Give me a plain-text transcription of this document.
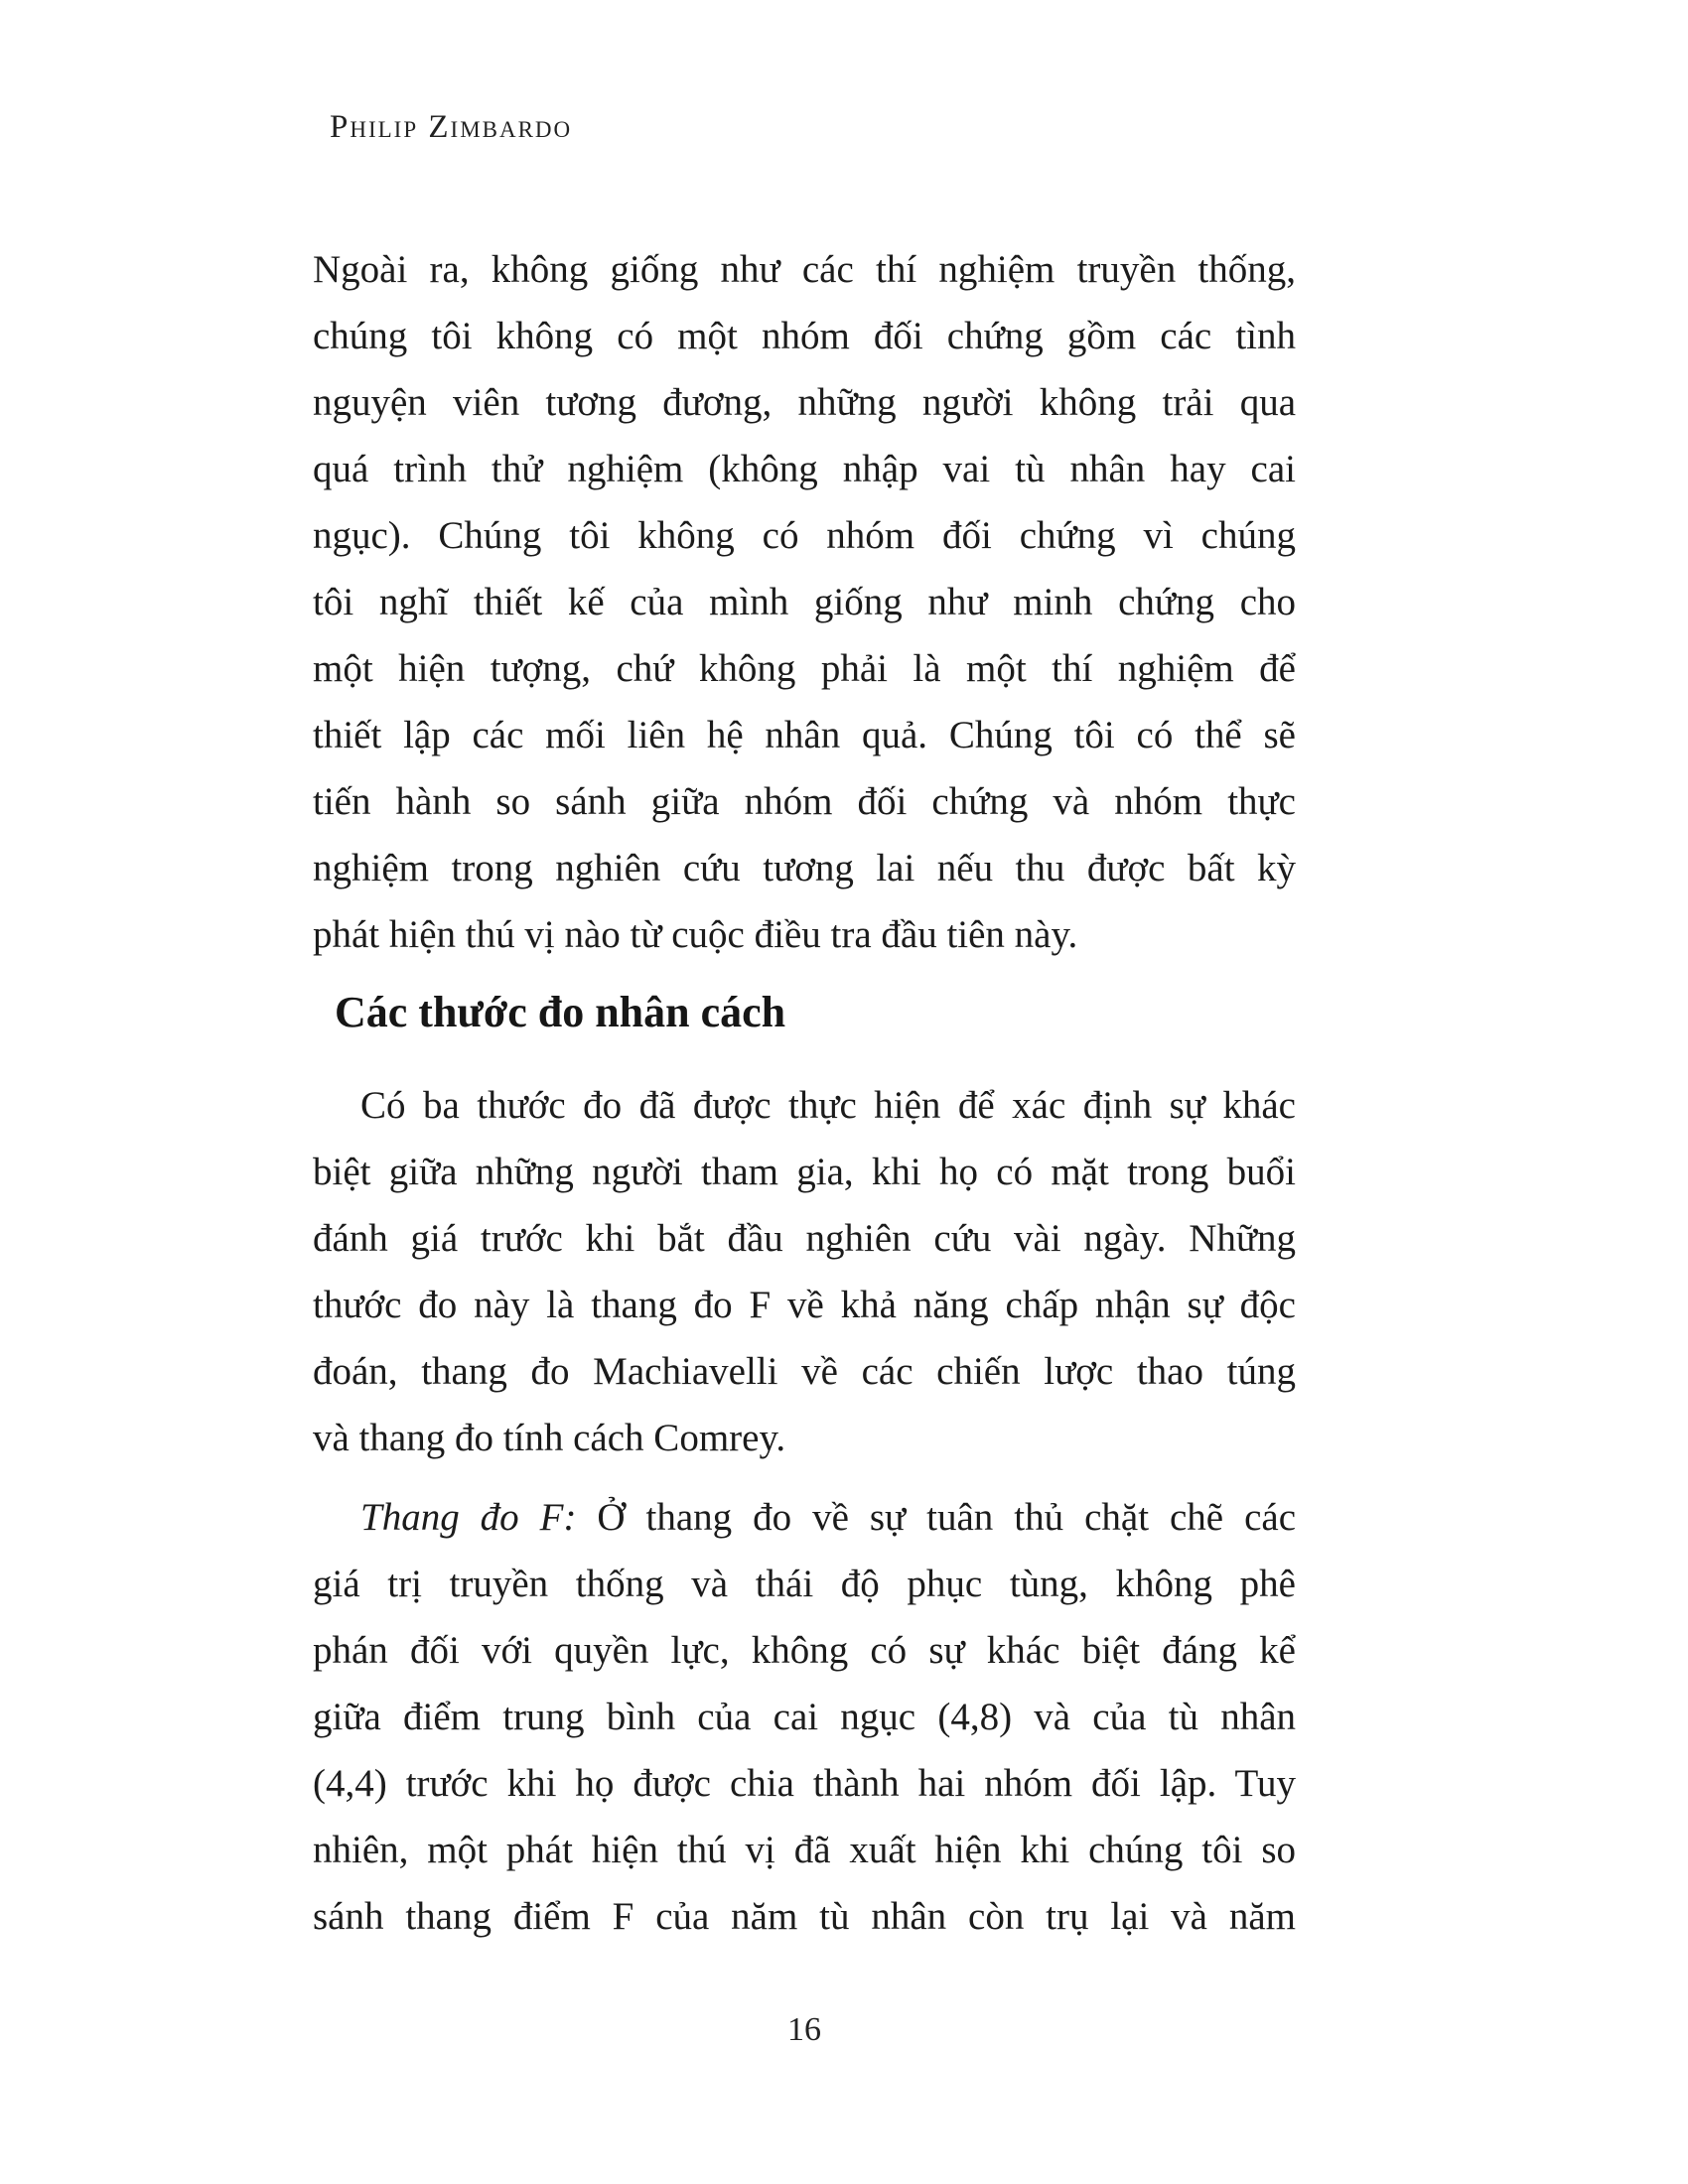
Philip Zimbardo
Ngoài ra, không giống như các thí nghiệm truyền thống,
chúng tôi không có một nhóm đối chứng gồm các tình
nguyện viên tương đương, những người không trải qua
quá trình thử nghiệm (không nhập vai tù nhân hay cai
ngục). Chúng tôi không có nhóm đối chứng vì chúng
tôi nghĩ thiết kế của mình giống như minh chứng cho
một hiện tượng, chứ không phải là một thí nghiệm để
thiết lập các mối liên hệ nhân quả. Chúng tôi có thể sẽ
tiến hành so sánh giữa nhóm đối chứng và nhóm thực
nghiệm trong nghiên cứu tương lai nếu thu được bất kỳ
phát hiện thú vị nào từ cuộc điều tra đầu tiên này.
Các thước đo nhân cách
Có ba thước đo đã được thực hiện để xác định sự khác
biệt giữa những người tham gia, khi họ có mặt trong buổi
đánh giá trước khi bắt đầu nghiên cứu vài ngày. Những
thước đo này là thang đo F về khả năng chấp nhận sự độc
đoán, thang đo Machiavelli về các chiến lược thao túng
và thang đo tính cách Comrey.
Thang đo F: Ở thang đo về sự tuân thủ chặt chẽ các
giá trị truyền thống và thái độ phục tùng, không phê
phán đối với quyền lực, không có sự khác biệt đáng kể
giữa điểm trung bình của cai ngục (4,8) và của tù nhân
(4,4) trước khi họ được chia thành hai nhóm đối lập. Tuy
nhiên, một phát hiện thú vị đã xuất hiện khi chúng tôi so
sánh thang điểm F của năm tù nhân còn trụ lại và năm
16
